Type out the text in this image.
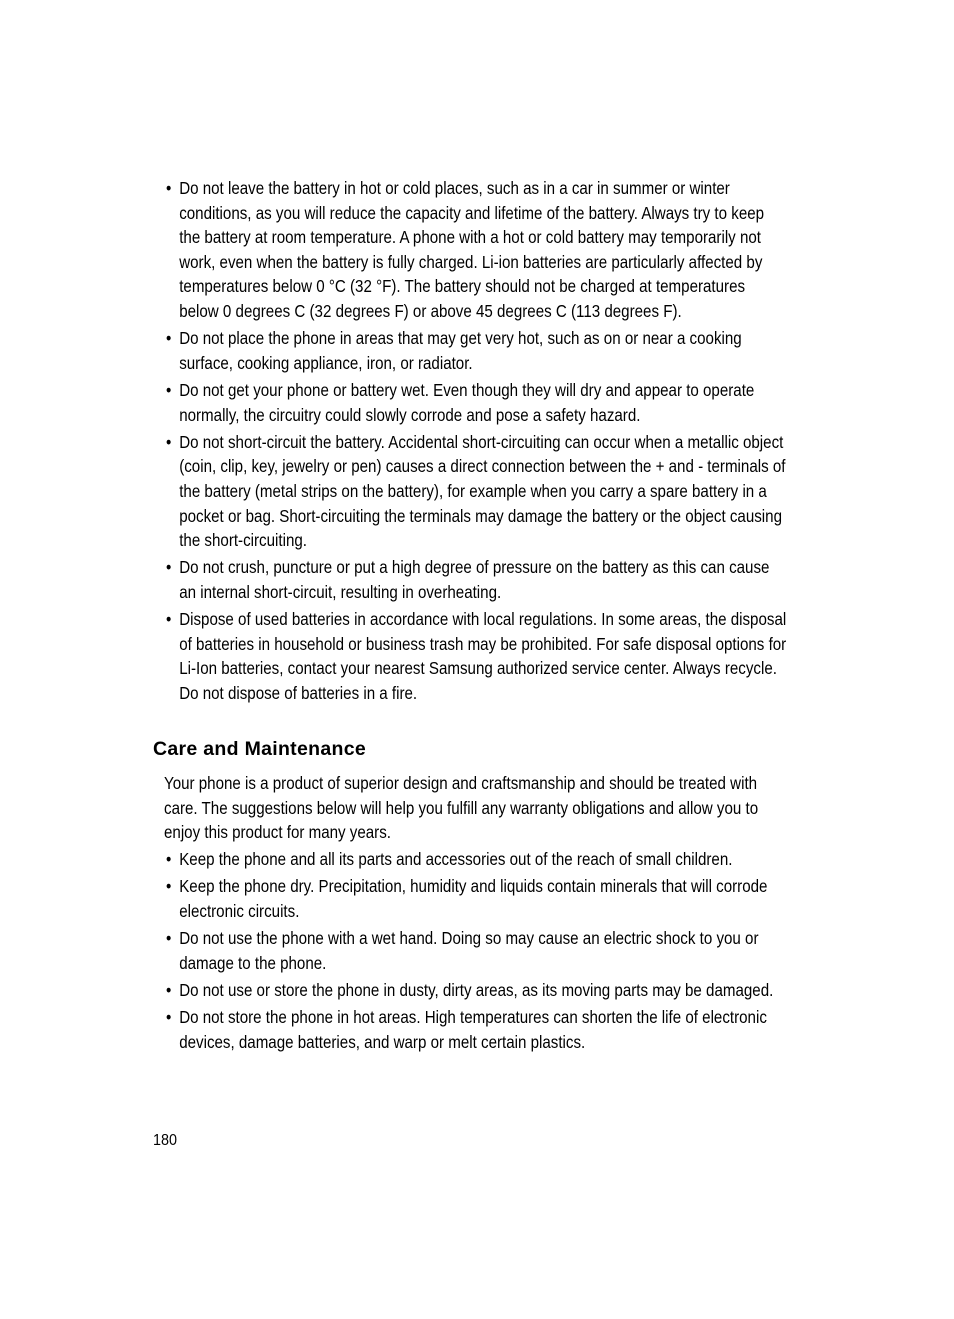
• Do not leave the battery in hot or cold places, such as in a car in summer or winter conditions, as you will reduce the capacity and lifetime of the battery. Always try to keep the battery at room temperature. A phone with a hot or cold battery may temporarily not work, even when the battery is fully charged. Li-ion batteries are particularly affected by temperatures below 0 °C (32 °F). The battery should not be charged at temperatures below 0 degrees C (32 degrees F) or above 45 degrees C (113 degrees F).
• Do not place the phone in areas that may get very hot, such as on or near a cooking surface, cooking appliance, iron, or radiator.
• Do not get your phone or battery wet. Even though they will dry and appear to operate normally, the circuitry could slowly corrode and pose a safety hazard.
• Do not short-circuit the battery. Accidental short-circuiting can occur when a metallic object (coin, clip, key, jewelry or pen) causes a direct connection between the + and - terminals of the battery (metal strips on the battery), for example when you carry a spare battery in a pocket or bag. Short-circuiting the terminals may damage the battery or the object causing the short-circuiting.
• Do not crush, puncture or put a high degree of pressure on the battery as this can cause an internal short-circuit, resulting in overheating.
• Dispose of used batteries in accordance with local regulations. In some areas, the disposal of batteries in household or business trash may be prohibited. For safe disposal options for Li-Ion batteries, contact your nearest Samsung authorized service center. Always recycle. Do not dispose of batteries in a fire.
Care and Maintenance

Your phone is a product of superior design and craftsmanship and should be treated with care. The suggestions below will help you fulfill any warranty obligations and allow you to enjoy this product for many years.

• Keep the phone and all its parts and accessories out of the reach of small children.
• Keep the phone dry. Precipitation, humidity and liquids contain minerals that will corrode electronic circuits.
• Do not use the phone with a wet hand. Doing so may cause an electric shock to you or damage to the phone.
• Do not use or store the phone in dusty, dirty areas, as its moving parts may be damaged.
• Do not store the phone in hot areas. High temperatures can shorten the life of electronic devices, damage batteries, and warp or melt certain plastics.
180
